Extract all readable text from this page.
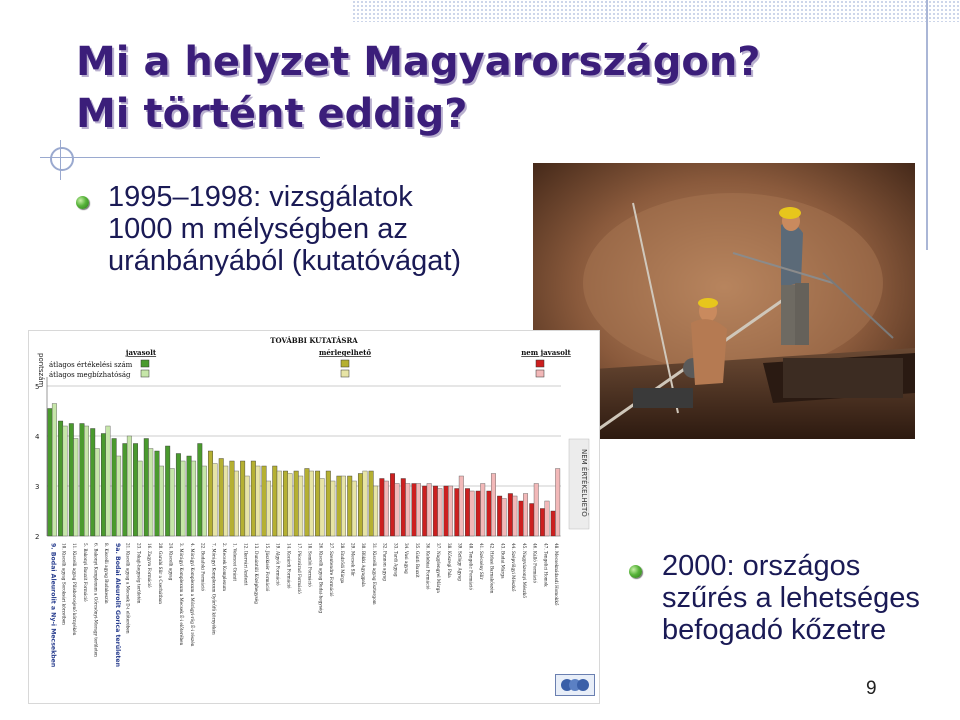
Mi a helyzet Magyarországon?
Mi történt eddig?
1995–1998: vizsgálatok
1000 m mélységben az
uránbányából (kutatóvágat)
pontszám
TOVÁBBI KUTATÁSRA
javasolt	mérlegelhető	nem javasolt
átlagos értékelési szám
átlagos megbízhatóság
NEM ÉRTÉKELHETŐ
2
3
4
5
9. Bodai Aleurolit a Ny-i Mecsekben 10. Kiscelli agyag Soroksári körzetben 11. Kiscelli agyag Pilisborosjenő környékén 5. Bakonyi Bauxit Formáció 6. Bakonyi Komplexum a Gőrcsönyi-Moragy területen 8. Kiscelli agyag Budakeszin 9a. Bodai Aleurolit Gorica területen 21. Kiscelli agyag a Mecsek D-i előterében 23. Tokaji-hegység területén 16. Zagyva Formáció 20. Garabi Slír a Cserhátban 24. Kiscelli agyag 3. Mórágyi Komplexum a Mecsek É-i előterében 4. Mórágyi Komplexum a Mórágyi-rög É-i részén 22. Budafoki Formáció 7. Mórágyi Komplexum Gyűrűfű környékén 2. Mecsek Komplexum 1. Velencei Gránit 12. Ikervári Andezit 13. Dunántúli Középhegység 15. Jászkisér Formáció 19. Algyői Formáció 14. Kozárdi Formáció 17. Pécsvárad Formáció 18. Somlói Formáció 26. Kiscelli agyag Budai-hegység 27. Szentendre Formáció 28. Endrődi Márga 29. Mecsek Slír 30. Bükki Agyagpala 31. Kiscelli agyag Esztergom 32. Pannon agyag 33. Tardi Agyag 34. Vasi agyag 35. Gánti Bauxit 36. Kelebiai Formáció 37. Nagylengyel Márga 38. Kőszegi Pala 39. Szilágy Agyag 40. Tengelic Formáció 41. Szécsény Slír 42. Hidasi Barnakőszén 43. Budai Márga 44. Szépvölgyi Mészkő 45. Nagyvázsonyi Mészkő 46. Kálló Formáció 47. Tengelici Homok 48. Mecseknádasdi Homokkő	2000: országos
szűrés a lehetséges
befogadó kőzetre
9
